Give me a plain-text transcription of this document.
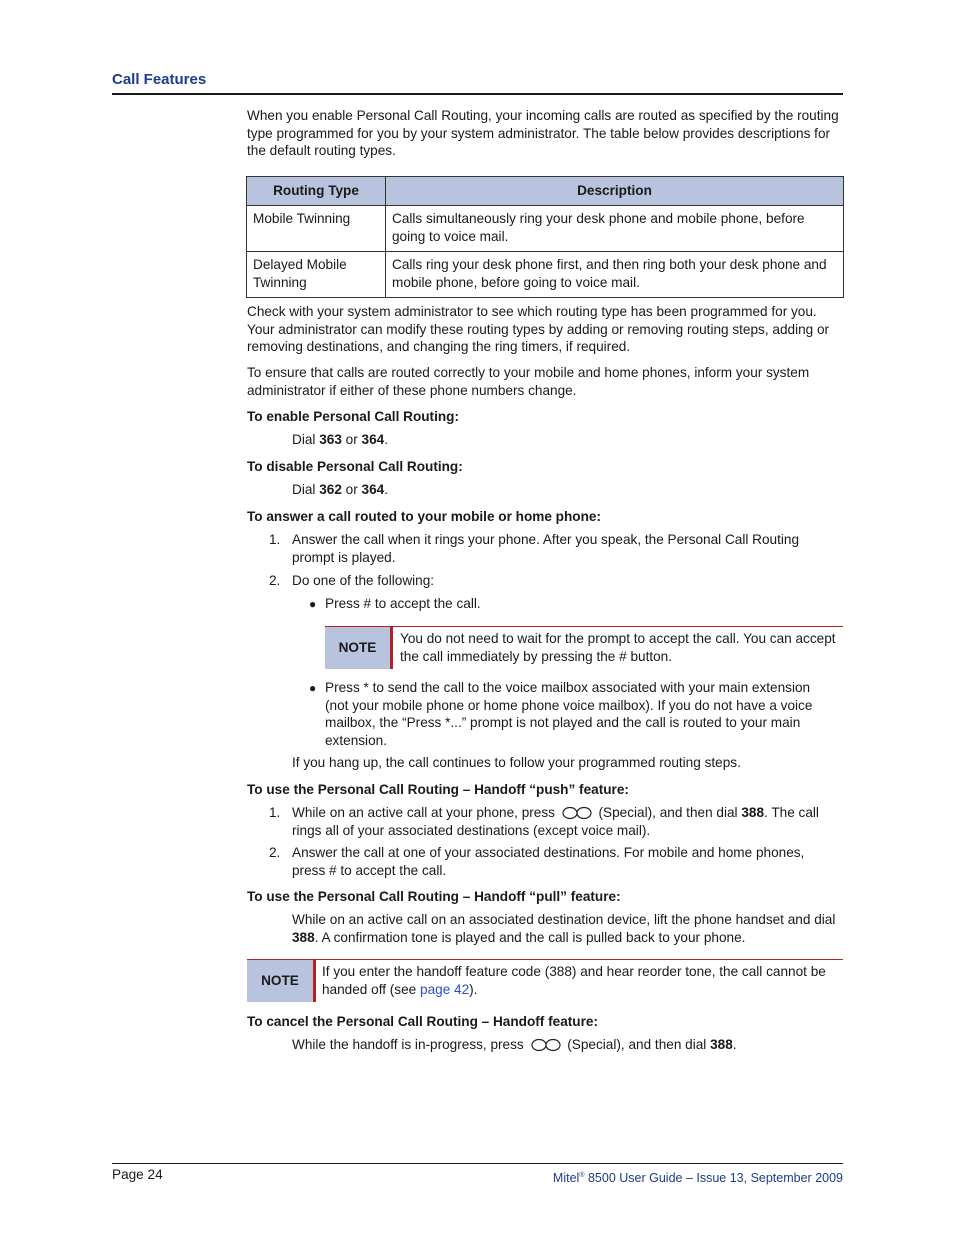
Call Features
When you enable Personal Call Routing, your incoming calls are routed as specified by the routing type programmed for you by your system administrator. The table below provides descriptions for the default routing types.
Routing Type	Description
Mobile Twinning	Calls simultaneously ring your desk phone and mobile phone, before going to voice mail.
Delayed Mobile Twinning	Calls ring your desk phone first, and then ring both your desk phone and mobile phone, before going to voice mail.
Check with your system administrator to see which routing type has been programmed for you. Your administrator can modify these routing types by adding or removing routing steps, adding or removing destinations, and changing the ring timers, if required.
To ensure that calls are routed correctly to your mobile and home phones, inform your system administrator if either of these phone numbers change.
To enable Personal Call Routing:
Dial 363 or 364.
To disable Personal Call Routing:
Dial 362 or 364.
To answer a call routed to your mobile or home phone:
1. Answer the call when it rings your phone. After you speak, the Personal Call Routing prompt is played.
2. Do one of the following:
● Press # to accept the call.
NOTE
You do not need to wait for the prompt to accept the call. You can accept the call immediately by pressing the # button.
● Press * to send the call to the voice mailbox associated with your main extension (not your mobile phone or home phone voice mailbox). If you do not have a voice mailbox, the “Press *...” prompt is not played and the call is routed to your main extension.
If you hang up, the call continues to follow your programmed routing steps.
To use the Personal Call Routing – Handoff “push” feature:
1. While on an active call at your phone, press	(Special), and then dial 388. The call rings all of your associated destinations (except voice mail).
2. Answer the call at one of your associated destinations. For mobile and home phones, press # to accept the call.
To use the Personal Call Routing – Handoff “pull” feature:
While on an active call on an associated destination device, lift the phone handset and dial 388. A confirmation tone is played and the call is pulled back to your phone.
NOTE
If you enter the handoff feature code (388) and hear reorder tone, the call cannot be handed off (see page 42).
To cancel the Personal Call Routing – Handoff feature:
While the handoff is in-progress, press	(Special), and then dial 388.
Page 24	Mitel® 8500 User Guide – Issue 13, September 2009
